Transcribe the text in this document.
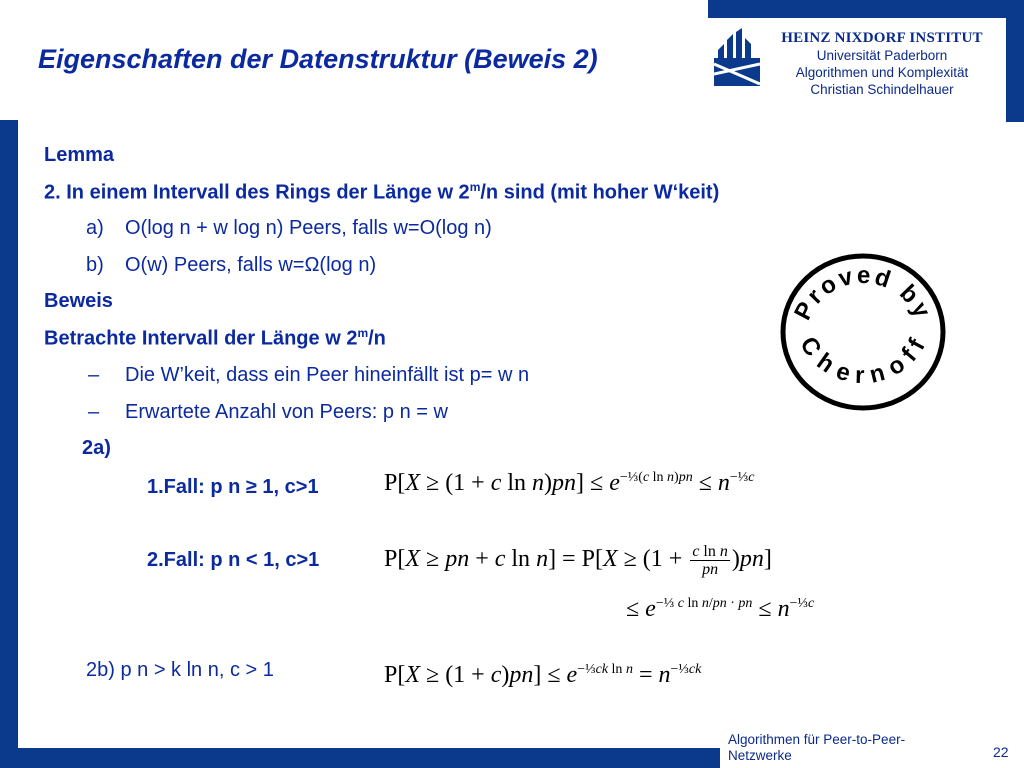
Eigenschaften der Datenstruktur (Beweis 2)
HEINZ NIXDORF INSTITUT
Universität Paderborn
Algorithmen und Komplexität
Christian Schindelhauer
Lemma
2. In einem Intervall des Rings der Länge w 2$^m$/n sind (mit hoher W‘keit)
a) O(log n + w log n) Peers, falls w=O(log n)
b) O(w) Peers, falls w=Ω(log n)
Beweis
Betrachte Intervall der Länge w 2$^m$/n
– Die W’keit, dass ein Peer hineinfällt ist p= w n
– Erwartete Anzahl von Peers: p n = w
2a)
1.Fall: p n ≥ 1, c>1
2.Fall: p n < 1, c>1
2b) p n > k ln n, c > 1
P[X ≥ (1 + c $\ln n)pn] \le e^{-\frac{1}{3}(c ln n)pn} \le n^{-\frac{1}{3}c}$
P[X ≥ pn + c $\ln n] = P[X \ge (1 + \frac{\text{c ln n}}{pn} )pn]$
≤ $e^{-\frac{1}{3} c ln n/pn \cdot pn} \le n^{-\frac{1}{3}c}$
$P[X \ge (1 + c)pn] \le e^{-\frac{1}{3}ck ln n} = n^{-\frac{1}{3}ck}$
Proved by
Chernoff
Algorithmen für Peer-to-Peer-
Netzwerke	22
